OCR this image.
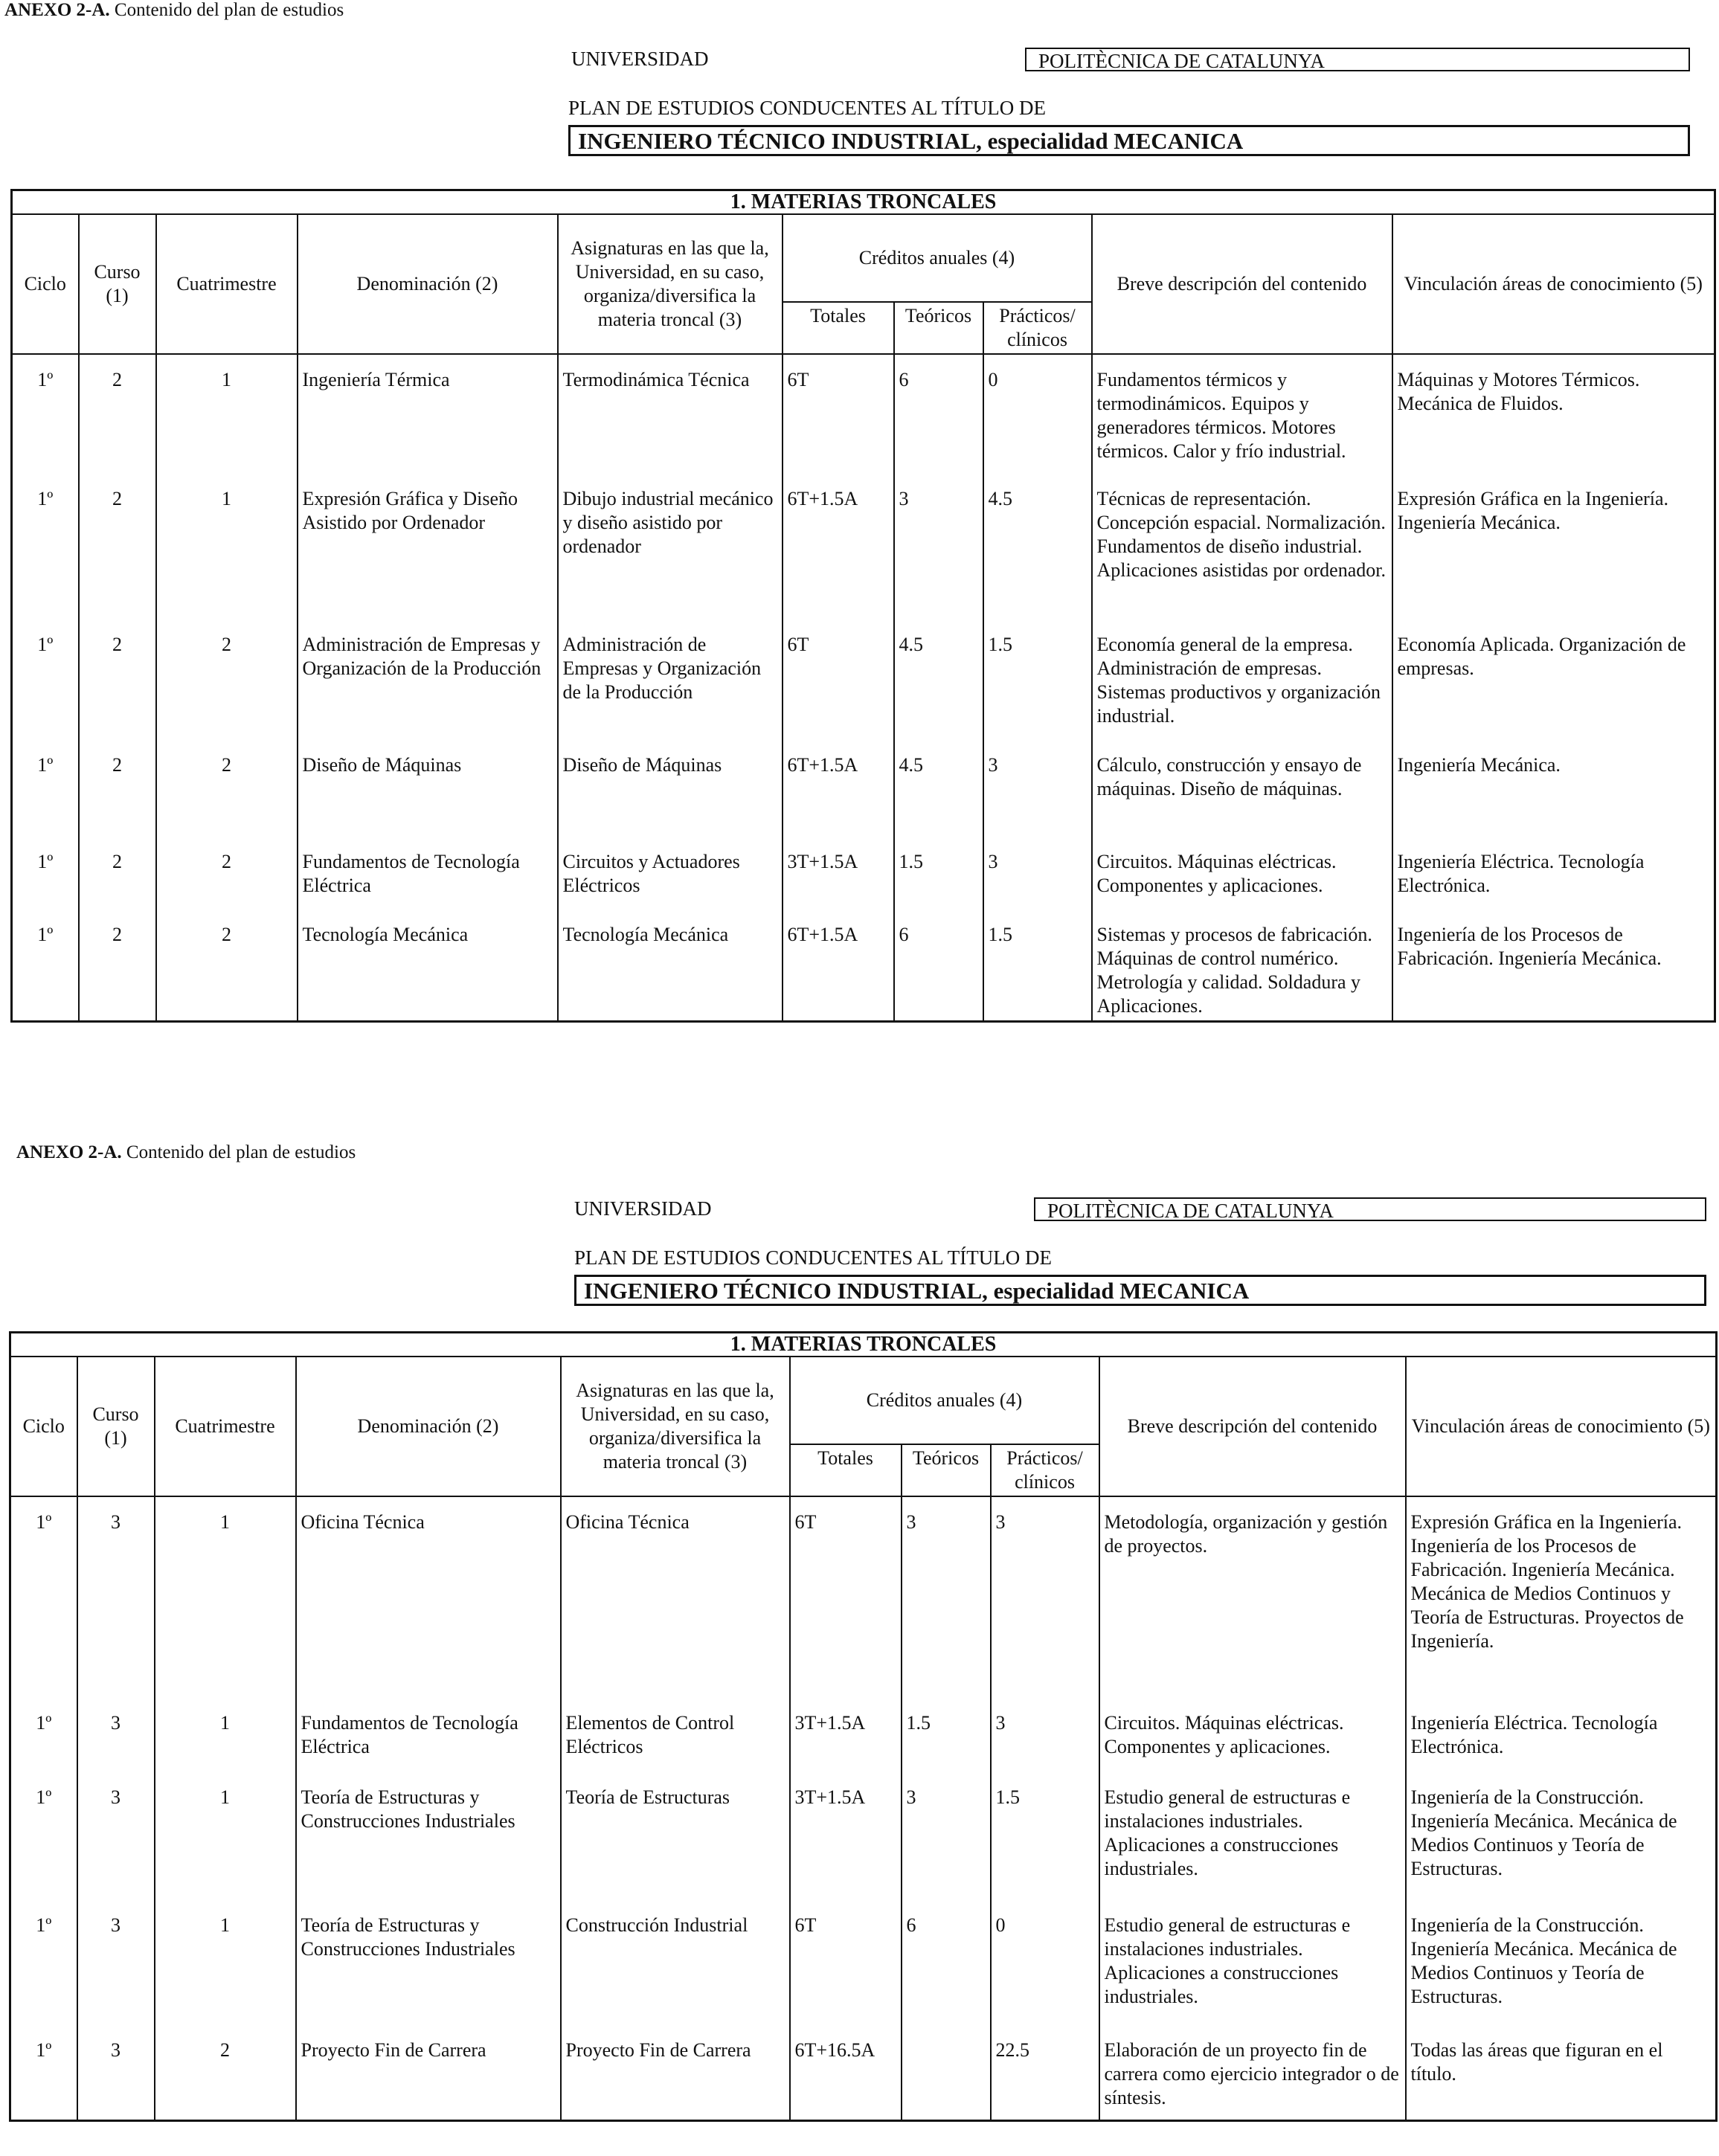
ANEXO 2-A. Contenido del plan de estudios
UNIVERSIDAD	POLITÈCNICA DE CATALUNYA
PLAN DE ESTUDIOS CONDUCENTES AL TÍTULO DE
INGENIERO TÉCNICO INDUSTRIAL, especialidad MECANICA
1. MATERIAS TRONCALES									
Ciclo	Curso (1)	Cuatrimestre	Denominación (2)	Asignaturas en las que la, Universidad, en su caso, organiza/diversifica la materia troncal (3)	Créditos anuales (4)			Breve descripción del contenido	Vinculación áreas de conocimiento (5)
					Totales	Teóricos	Prácticos/ clínicos		

1º	2	1	Ingeniería Térmica	Termodinámica Técnica	6T	6	0	Fundamentos térmicos y termodinámicos. Equipos y generadores térmicos. Motores térmicos. Calor y frío industrial.	Máquinas y Motores Térmicos. Mecánica de Fluidos.
1º	2	1	Expresión Gráfica y Diseño Asistido por Ordenador	Dibujo industrial mecánico y diseño asistido por ordenador	6T+1.5A	3	4.5	Técnicas de representación. Concepción espacial. Normalización. Fundamentos de diseño industrial. Aplicaciones asistidas por ordenador.	Expresión Gráfica en la Ingeniería. Ingeniería Mecánica.
1º	2	2	Administración de Empresas y Organización de la Producción	Administración de Empresas y Organización de la Producción	6T	4.5	1.5	Economía general de la empresa. Administración de empresas. Sistemas productivos y organización industrial.	Economía Aplicada. Organización de empresas.
1º	2	2	Diseño de Máquinas	Diseño de Máquinas	6T+1.5A	4.5	3	Cálculo, construcción y ensayo de máquinas. Diseño de máquinas.	Ingeniería Mecánica.
1º	2	2	Fundamentos de Tecnología Eléctrica	Circuitos y Actuadores Eléctricos	3T+1.5A	1.5	3	Circuitos. Máquinas eléctricas. Componentes y aplicaciones.	Ingeniería Eléctrica. Tecnología Electrónica.
1º	2	2	Tecnología Mecánica	Tecnología Mecánica	6T+1.5A	6	1.5	Sistemas y procesos de fabricación. Máquinas de control numérico. Metrología y calidad. Soldadura y Aplicaciones.	Ingeniería de los Procesos de Fabricación. Ingeniería Mecánica.
ANEXO 2-A. Contenido del plan de estudios
UNIVERSIDAD	POLITÈCNICA DE CATALUNYA
PLAN DE ESTUDIOS CONDUCENTES AL TÍTULO DE
INGENIERO TÉCNICO INDUSTRIAL, especialidad MECANICA
1. MATERIAS TRONCALES									
Ciclo	Curso (1)	Cuatrimestre	Denominación (2)	Asignaturas en las que la, Universidad, en su caso, organiza/diversifica la materia troncal (3)	Créditos anuales (4)			Breve descripción del contenido	Vinculación áreas de conocimiento (5)
					Totales	Teóricos	Prácticos/ clínicos		

1º	3	1	Oficina Técnica	Oficina Técnica	6T	3	3	Metodología, organización y gestión de proyectos.	Expresión Gráfica en la Ingeniería. Ingeniería de los Procesos de Fabricación. Ingeniería Mecánica. Mecánica de Medios Continuos y Teoría de Estructuras. Proyectos de Ingeniería.
1º	3	1	Fundamentos de Tecnología Eléctrica	Elementos de Control Eléctricos	3T+1.5A	1.5	3	Circuitos. Máquinas eléctricas. Componentes y aplicaciones.	Ingeniería Eléctrica. Tecnología Electrónica.
1º	3	1	Teoría de Estructuras y Construcciones Industriales	Teoría de Estructuras	3T+1.5A	3	1.5	Estudio general de estructuras e instalaciones industriales. Aplicaciones a construcciones industriales.	Ingeniería de la Construcción. Ingeniería Mecánica. Mecánica de Medios Continuos y Teoría de Estructuras.
1º	3	1	Teoría de Estructuras y Construcciones Industriales	Construcción Industrial	6T	6	0	Estudio general de estructuras e instalaciones industriales. Aplicaciones a construcciones industriales.	Ingeniería de la Construcción. Ingeniería Mecánica. Mecánica de Medios Continuos y Teoría de Estructuras.
1º	3	2	Proyecto Fin de Carrera	Proyecto Fin de Carrera	6T+16.5A		22.5	Elaboración de un proyecto fin de carrera como ejercicio integrador o de síntesis.	Todas las áreas que figuran en el título.
